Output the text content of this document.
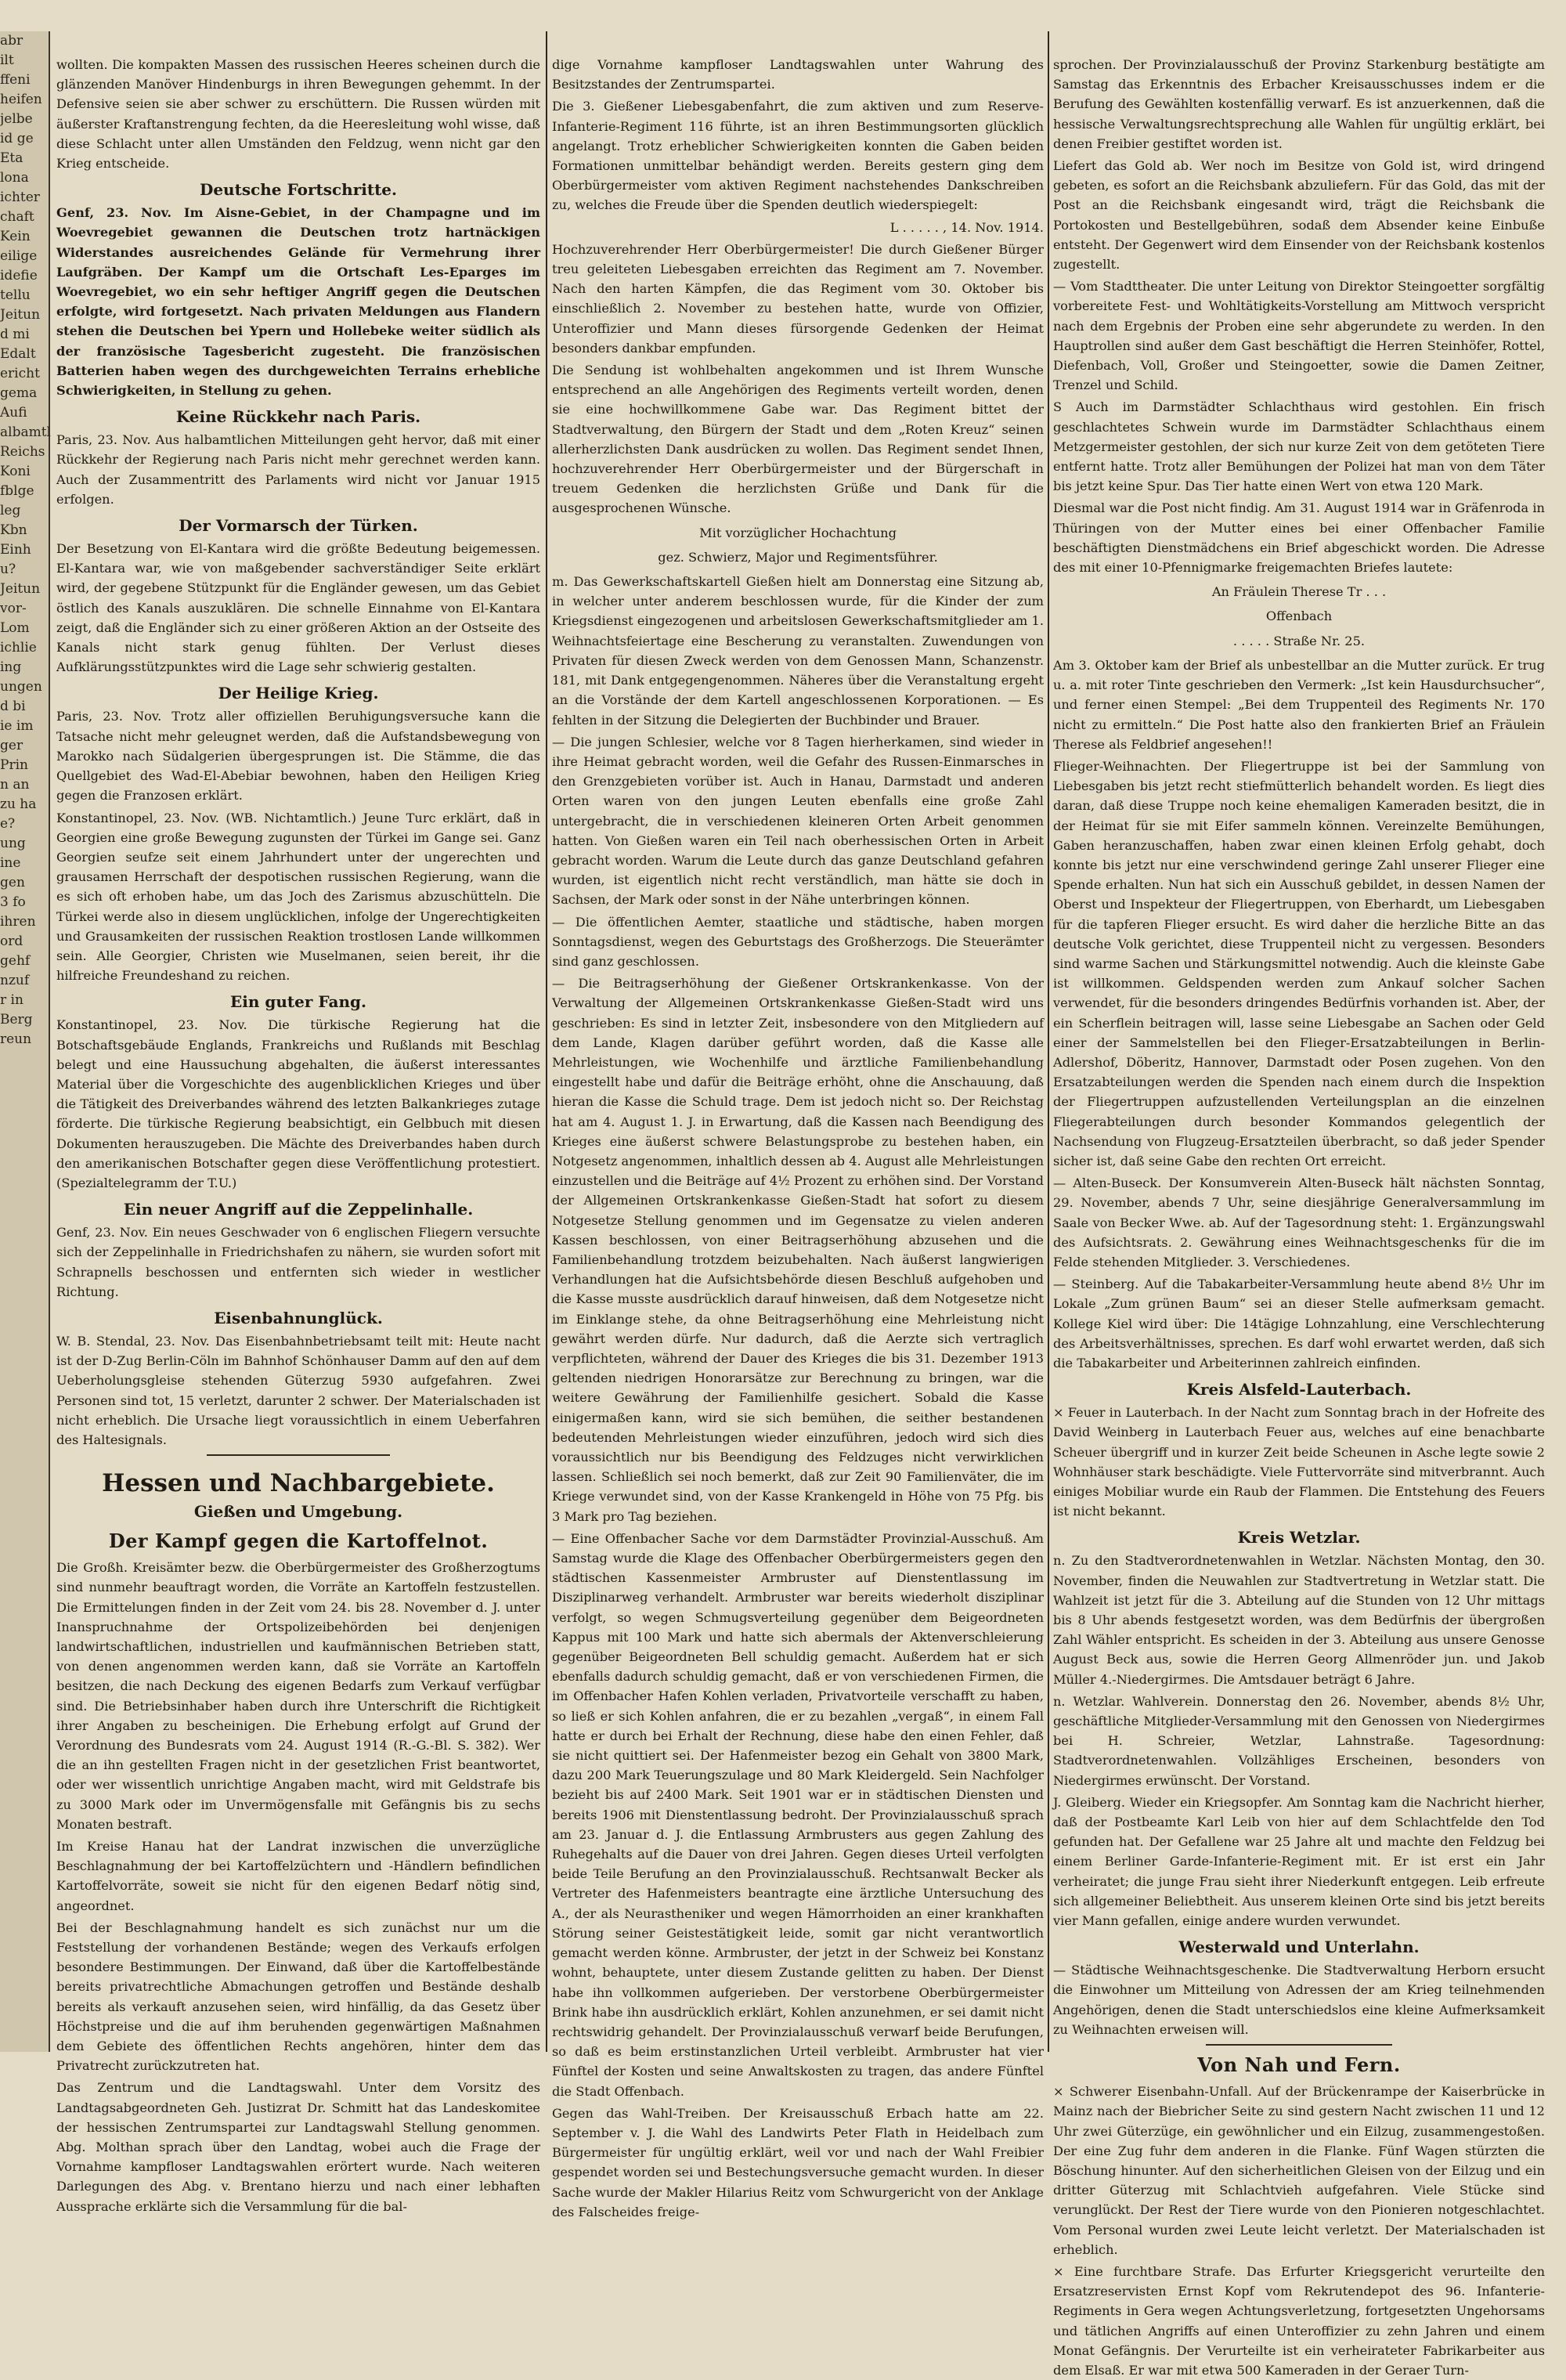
abr
ilt
ffeni
heifen
jelbe
id ge
Eta
lona
ichter
chaft
Kein
eilige
idefie
tellu
Jeitun
d mi
Edalt
ericht
gema
Aufi
albamtl
Reichs
Koni
fblge
leg
Kbn
Einh
u?
Jeitun
vor-
Lom
ichlie
ing
ungen
d bi
ie im
ger
Prin
n an
zu ha
e?
ung
ine
gen
3 fo
ihren
ord
gehf
nzuf
r in
Berg
reun

wollten. Die kompakten Massen des russischen Heeres scheinen durch die glänzenden Manöver Hindenburgs in ihren Bewegungen gehemmt. In der Defensive seien sie aber schwer zu erschüttern. Die Russen würden mit äußerster Kraftanstrengung fechten, da die Heeresleitung wohl wisse, daß diese Schlacht unter allen Umständen den Feldzug, wenn nicht gar den Krieg entscheide.

Deutsche Fortschritte.

Genf, 23. Nov. Im Aisne-Gebiet, in der Champagne und im Woevregebiet gewannen die Deutschen trotz hartnäckigen Widerstandes ausreichendes Gelände für Vermehrung ihrer Laufgräben. Der Kampf um die Ortschaft Les-Eparges im Woevregebiet, wo ein sehr heftiger Angriff gegen die Deutschen erfolgte, wird fortgesetzt. Nach privaten Meldungen aus Flandern stehen die Deutschen bei Ypern und Hollebeke weiter südlich als der französische Tagesbericht zugesteht. Die französischen Batterien haben wegen des durchgeweichten Terrains erhebliche Schwierigkeiten, in Stellung zu gehen.

Keine Rückkehr nach Paris.

Paris, 23. Nov. Aus halbamtlichen Mitteilungen geht hervor, daß mit einer Rückkehr der Regierung nach Paris nicht mehr gerechnet werden kann. Auch der Zusammentritt des Parlaments wird nicht vor Januar 1915 erfolgen.

Der Vormarsch der Türken.

Der Besetzung von El-Kantara wird die größte Bedeutung beigemessen. El-Kantara war, wie von maßgebender sachverständiger Seite erklärt wird, der gegebene Stützpunkt für die Engländer gewesen, um das Gebiet östlich des Kanals auszuklären. Die schnelle Einnahme von El-Kantara zeigt, daß die Engländer sich zu einer größeren Aktion an der Ostseite des Kanals nicht stark genug fühlten. Der Verlust dieses Aufklärungsstützpunktes wird die Lage sehr schwierig gestalten.

Der Heilige Krieg.

Paris, 23. Nov. Trotz aller offiziellen Beruhigungsversuche kann die Tatsache nicht mehr geleugnet werden, daß die Aufstandsbewegung von Marokko nach Südalgerien übergesprungen ist. Die Stämme, die das Quellgebiet des Wad-El-Abebiar bewohnen, haben den Heiligen Krieg gegen die Franzosen erklärt.

Konstantinopel, 23. Nov. (WB. Nichtamtlich.) Jeune Turc erklärt, daß in Georgien eine große Bewegung zugunsten der Türkei im Gange sei. Ganz Georgien seufze seit einem Jahrhundert unter der ungerechten und grausamen Herrschaft der despotischen russischen Regierung, wann die es sich oft erhoben habe, um das Joch des Zarismus abzuschütteln. Die Türkei werde also in diesem unglücklichen, infolge der Ungerechtigkeiten und Grausamkeiten der russischen Reaktion trostlosen Lande willkommen sein. Alle Georgier, Christen wie Muselmanen, seien bereit, ihr die hilfreiche Freundeshand zu reichen.

Ein guter Fang.

Konstantinopel, 23. Nov. Die türkische Regierung hat die Botschaftsgebäude Englands, Frankreichs und Rußlands mit Beschlag belegt und eine Haussuchung abgehalten, die äußerst interessantes Material über die Vorgeschichte des augenblicklichen Krieges und über die Tätigkeit des Dreiverbandes während des letzten Balkankrieges zutage förderte. Die türkische Regierung beabsichtigt, ein Gelbbuch mit diesen Dokumenten herauszugeben. Die Mächte des Dreiverbandes haben durch den amerikanischen Botschafter gegen diese Veröffentlichung protestiert. (Spezialtelegramm der T.U.)

Ein neuer Angriff auf die Zeppelinhalle.

Genf, 23. Nov. Ein neues Geschwader von 6 englischen Fliegern versuchte sich der Zeppelinhalle in Friedrichshafen zu nähern, sie wurden sofort mit Schrapnells beschossen und entfernten sich wieder in westlicher Richtung.

Eisenbahnunglück.

W. B. Stendal, 23. Nov. Das Eisenbahnbetriebsamt teilt mit: Heute nacht ist der D-Zug Berlin-Cöln im Bahnhof Schönhauser Damm auf den auf dem Ueberholungsgleise stehenden Güterzug 5930 aufgefahren. Zwei Personen sind tot, 15 verletzt, darunter 2 schwer. Der Materialschaden ist nicht erheblich. Die Ursache liegt voraussichtlich in einem Ueberfahren des Haltesignals.

Hessen und Nachbargebiete.
Gießen und Umgebung.
Der Kampf gegen die Kartoffelnot.

Die Großh. Kreisämter bezw. die Oberbürgermeister des Großherzogtums sind nunmehr beauftragt worden, die Vorräte an Kartoffeln festzustellen. Die Ermittelungen finden in der Zeit vom 24. bis 28. November d. J. unter Inanspruchnahme der Ortspolizeibehörden bei denjenigen landwirtschaftlichen, industriellen und kaufmännischen Betrieben statt, von denen angenommen werden kann, daß sie Vorräte an Kartoffeln besitzen, die nach Deckung des eigenen Bedarfs zum Verkauf verfügbar sind. Die Betriebsinhaber haben durch ihre Unterschrift die Richtigkeit ihrer Angaben zu bescheinigen. Die Erhebung erfolgt auf Grund der Verordnung des Bundesrats vom 24. August 1914 (R.-G.-Bl. S. 382). Wer die an ihn gestellten Fragen nicht in der gesetzlichen Frist beantwortet, oder wer wissentlich unrichtige Angaben macht, wird mit Geldstrafe bis zu 3000 Mark oder im Unvermögensfalle mit Gefängnis bis zu sechs Monaten bestraft.

Im Kreise Hanau hat der Landrat inzwischen die unverzügliche Beschlagnahmung der bei Kartoffelzüchtern und -Händlern befindlichen Kartoffelvorräte, soweit sie nicht für den eigenen Bedarf nötig sind, angeordnet.

Bei der Beschlagnahmung handelt es sich zunächst nur um die Feststellung der vorhandenen Bestände; wegen des Verkaufs erfolgen besondere Bestimmungen. Der Einwand, daß über die Kartoffelbestände bereits privatrechtliche Abmachungen getroffen und Bestände deshalb bereits als verkauft anzusehen seien, wird hinfällig, da das Gesetz über Höchstpreise und die auf ihm beruhenden gegenwärtigen Maßnahmen dem Gebiete des öffentlichen Rechts angehören, hinter dem das Privatrecht zurückzutreten hat.

Das Zentrum und die Landtagswahl. Unter dem Vorsitz des Landtagsabgeordneten Geh. Justizrat Dr. Schmitt hat das Landeskomitee der hessischen Zentrumspartei zur Landtagswahl Stellung genommen. Abg. Molthan sprach über den Landtag, wobei auch die Frage der Vornahme kampfloser Landtagswahlen erörtert wurde. Nach weiteren Darlegungen des Abg. v. Brentano hierzu und nach einer lebhaften Aussprache erklärte sich die Versammlung für die bal-

dige Vornahme kampfloser Landtagswahlen unter Wahrung des Besitzstandes der Zentrumspartei.

Die 3. Gießener Liebesgabenfahrt, die zum aktiven und zum Reserve-Infanterie-Regiment 116 führte, ist an ihren Bestimmungsorten glücklich angelangt. Trotz erheblicher Schwierigkeiten konnten die Gaben beiden Formationen unmittelbar behändigt werden. Bereits gestern ging dem Oberbürgermeister vom aktiven Regiment nachstehendes Dankschreiben zu, welches die Freude über die Spenden deutlich wiederspiegelt:

L . . . . . , 14. Nov. 1914.

Hochzuverehrender Herr Oberbürgermeister! Die durch Gießener Bürger treu geleiteten Liebesgaben erreichten das Regiment am 7. November. Nach den harten Kämpfen, die das Regiment vom 30. Oktober bis einschließlich 2. November zu bestehen hatte, wurde von Offizier, Unteroffizier und Mann dieses fürsorgende Gedenken der Heimat besonders dankbar empfunden.

Die Sendung ist wohlbehalten angekommen und ist Ihrem Wunsche entsprechend an alle Angehörigen des Regiments verteilt worden, denen sie eine hochwillkommene Gabe war. Das Regiment bittet der Stadtverwaltung, den Bürgern der Stadt und dem „Roten Kreuz“ seinen allerherzlichsten Dank ausdrücken zu wollen. Das Regiment sendet Ihnen, hochzuverehrender Herr Oberbürgermeister und der Bürgerschaft in treuem Gedenken die herzlichsten Grüße und Dank für die ausgesprochenen Wünsche.

Mit vorzüglicher Hochachtung

gez. Schwierz, Major und Regimentsführer.

m. Das Gewerkschaftskartell Gießen hielt am Donnerstag eine Sitzung ab, in welcher unter anderem beschlossen wurde, für die Kinder der zum Kriegsdienst eingezogenen und arbeitslosen Gewerkschaftsmitglieder am 1. Weihnachtsfeiertage eine Bescherung zu veranstalten. Zuwendungen von Privaten für diesen Zweck werden von dem Genossen Mann, Schanzenstr. 181, mit Dank entgegengenommen. Näheres über die Veranstaltung ergeht an die Vorstände der dem Kartell angeschlossenen Korporationen. — Es fehlten in der Sitzung die Delegierten der Buchbinder und Brauer.

— Die jungen Schlesier, welche vor 8 Tagen hierherkamen, sind wieder in ihre Heimat gebracht worden, weil die Gefahr des Russen-Einmarsches in den Grenzgebieten vorüber ist. Auch in Hanau, Darmstadt und anderen Orten waren von den jungen Leuten ebenfalls eine große Zahl untergebracht, die in verschiedenen kleineren Orten Arbeit genommen hatten. Von Gießen waren ein Teil nach oberhessischen Orten in Arbeit gebracht worden. Warum die Leute durch das ganze Deutschland gefahren wurden, ist eigentlich nicht recht verständlich, man hätte sie doch in Sachsen, der Mark oder sonst in der Nähe unterbringen können.

— Die öffentlichen Aemter, staatliche und städtische, haben morgen Sonntagsdienst, wegen des Geburtstags des Großherzogs. Die Steuerämter sind ganz geschlossen.

— Die Beitragserhöhung der Gießener Ortskrankenkasse. Von der Verwaltung der Allgemeinen Ortskrankenkasse Gießen-Stadt wird uns geschrieben: Es sind in letzter Zeit, insbesondere von den Mitgliedern auf dem Lande, Klagen darüber geführt worden, daß die Kasse alle Mehrleistungen, wie Wochenhilfe und ärztliche Familienbehandlung eingestellt habe und dafür die Beiträge erhöht, ohne die Anschauung, daß hieran die Kasse die Schuld trage. Dem ist jedoch nicht so. Der Reichstag hat am 4. August 1. J. in Erwartung, daß die Kassen nach Beendigung des Krieges eine äußerst schwere Belastungsprobe zu bestehen haben, ein Notgesetz angenommen, inhaltlich dessen ab 4. August alle Mehrleistungen einzustellen und die Beiträge auf 4½ Prozent zu erhöhen sind. Der Vorstand der Allgemeinen Ortskrankenkasse Gießen-Stadt hat sofort zu diesem Notgesetze Stellung genommen und im Gegensatze zu vielen anderen Kassen beschlossen, von einer Beitragserhöhung abzusehen und die Familienbehandlung trotzdem beizubehalten. Nach äußerst langwierigen Verhandlungen hat die Aufsichtsbehörde diesen Beschluß aufgehoben und die Kasse musste ausdrücklich darauf hinweisen, daß dem Notgesetze nicht im Einklange stehe, da ohne Beitragserhöhung eine Mehrleistung nicht gewährt werden dürfe. Nur dadurch, daß die Aerzte sich vertraglich verpflichteten, während der Dauer des Krieges die bis 31. Dezember 1913 geltenden niedrigen Honorarsätze zur Berechnung zu bringen, war die weitere Gewährung der Familienhilfe gesichert. Sobald die Kasse einigermaßen kann, wird sie sich bemühen, die seither bestandenen bedeutenden Mehrleistungen wieder einzuführen, jedoch wird sich dies voraussichtlich nur bis Beendigung des Feldzuges nicht verwirklichen lassen. Schließlich sei noch bemerkt, daß zur Zeit 90 Familienväter, die im Kriege verwundet sind, von der Kasse Krankengeld in Höhe von 75 Pfg. bis 3 Mark pro Tag beziehen.

— Eine Offenbacher Sache vor dem Darmstädter Provinzial-Ausschuß. Am Samstag wurde die Klage des Offenbacher Oberbürgermeisters gegen den städtischen Kassenmeister Armbruster auf Dienstentlassung im Disziplinarweg verhandelt. Armbruster war bereits wiederholt disziplinar verfolgt, so wegen Schmugsverteilung gegenüber dem Beigeordneten Kappus mit 100 Mark und hatte sich abermals der Aktenverschleierung gegenüber Beigeordneten Bell schuldig gemacht. Außerdem hat er sich ebenfalls dadurch schuldig gemacht, daß er von verschiedenen Firmen, die im Offenbacher Hafen Kohlen verladen, Privatvorteile verschafft zu haben, so ließ er sich Kohlen anfahren, die er zu bezahlen „vergaß“, in einem Fall hatte er durch bei Erhalt der Rechnung, diese habe den einen Fehler, daß sie nicht quittiert sei. Der Hafenmeister bezog ein Gehalt von 3800 Mark, dazu 200 Mark Teuerungszulage und 80 Mark Kleidergeld. Sein Nachfolger bezieht bis auf 2400 Mark. Seit 1901 war er in städtischen Diensten und bereits 1906 mit Dienstentlassung bedroht. Der Provinzialausschuß sprach am 23. Januar d. J. die Entlassung Armbrusters aus gegen Zahlung des Ruhegehalts auf die Dauer von drei Jahren. Gegen dieses Urteil verfolgten beide Teile Berufung an den Provinzialausschuß. Rechtsanwalt Becker als Vertreter des Hafenmeisters beantragte eine ärztliche Untersuchung des A., der als Neurastheniker und wegen Hämorrhoiden an einer krankhaften Störung seiner Geistestätigkeit leide, somit gar nicht verantwortlich gemacht werden könne. Armbruster, der jetzt in der Schweiz bei Konstanz wohnt, behauptete, unter diesem Zustande gelitten zu haben. Der Dienst habe ihn vollkommen aufgerieben. Der verstorbene Oberbürgermeister Brink habe ihn ausdrücklich erklärt, Kohlen anzunehmen, er sei damit nicht rechtswidrig gehandelt. Der Provinzialausschuß verwarf beide Berufungen, so daß es beim erstinstanzlichen Urteil verbleibt. Armbruster hat vier Fünftel der Kosten und seine Anwaltskosten zu tragen, das andere Fünftel die Stadt Offenbach.

Gegen das Wahl-Treiben. Der Kreisausschuß Erbach hatte am 22. September v. J. die Wahl des Landwirts Peter Flath in Heidelbach zum Bürgermeister für ungültig erklärt, weil vor und nach der Wahl Freibier gespendet worden sei und Bestechungsversuche gemacht wurden. In dieser Sache wurde der Makler Hilarius Reitz vom Schwurgericht von der Anklage des Falscheides freige-

sprochen. Der Provinzialausschuß der Provinz Starkenburg bestätigte am Samstag das Erkenntnis des Erbacher Kreisausschusses indem er die Berufung des Gewählten kostenfällig verwarf. Es ist anzuerkennen, daß die hessische Verwaltungsrechtsprechung alle Wahlen für ungültig erklärt, bei denen Freibier gestiftet worden ist.

Liefert das Gold ab. Wer noch im Besitze von Gold ist, wird dringend gebeten, es sofort an die Reichsbank abzuliefern. Für das Gold, das mit der Post an die Reichsbank eingesandt wird, trägt die Reichsbank die Portokosten und Bestellgebühren, sodaß dem Absender keine Einbuße entsteht. Der Gegenwert wird dem Einsender von der Reichsbank kostenlos zugestellt.

— Vom Stadttheater. Die unter Leitung von Direktor Steingoetter sorgfältig vorbereitete Fest- und Wohltätigkeits-Vorstellung am Mittwoch verspricht nach dem Ergebnis der Proben eine sehr abgerundete zu werden. In den Hauptrollen sind außer dem Gast beschäftigt die Herren Steinhöfer, Rottel, Diefenbach, Voll, Großer und Steingoetter, sowie die Damen Zeitner, Trenzel und Schild.

S Auch im Darmstädter Schlachthaus wird gestohlen. Ein frisch geschlachtetes Schwein wurde im Darmstädter Schlachthaus einem Metzgermeister gestohlen, der sich nur kurze Zeit von dem getöteten Tiere entfernt hatte. Trotz aller Bemühungen der Polizei hat man von dem Täter bis jetzt keine Spur. Das Tier hatte einen Wert von etwa 120 Mark.

Diesmal war die Post nicht findig. Am 31. August 1914 war in Gräfenroda in Thüringen von der Mutter eines bei einer Offenbacher Familie beschäftigten Dienstmädchens ein Brief abgeschickt worden. Die Adresse des mit einer 10-Pfennigmarke freigemachten Briefes lautete:

An Fräulein Therese Tr . . .

Offenbach

. . . . . Straße Nr. 25.

Am 3. Oktober kam der Brief als unbestellbar an die Mutter zurück. Er trug u. a. mit roter Tinte geschrieben den Vermerk: „Ist kein Hausdurchsucher“, und ferner einen Stempel: „Bei dem Truppenteil des Regiments Nr. 170 nicht zu ermitteln.“ Die Post hatte also den frankierten Brief an Fräulein Therese als Feldbrief angesehen!!

Flieger-Weihnachten. Der Fliegertruppe ist bei der Sammlung von Liebesgaben bis jetzt recht stiefmütterlich behandelt worden. Es liegt dies daran, daß diese Truppe noch keine ehemaligen Kameraden besitzt, die in der Heimat für sie mit Eifer sammeln können. Vereinzelte Bemühungen, Gaben heranzuschaffen, haben zwar einen kleinen Erfolg gehabt, doch konnte bis jetzt nur eine verschwindend geringe Zahl unserer Flieger eine Spende erhalten. Nun hat sich ein Ausschuß gebildet, in dessen Namen der Oberst und Inspekteur der Fliegertruppen, von Eberhardt, um Liebesgaben für die tapferen Flieger ersucht. Es wird daher die herzliche Bitte an das deutsche Volk gerichtet, diese Truppenteil nicht zu vergessen. Besonders sind warme Sachen und Stärkungsmittel notwendig. Auch die kleinste Gabe ist willkommen. Geldspenden werden zum Ankauf solcher Sachen verwendet, für die besonders dringendes Bedürfnis vorhanden ist. Aber, der ein Scherflein beitragen will, lasse seine Liebesgabe an Sachen oder Geld einer der Sammelstellen bei den Flieger-Ersatzabteilungen in Berlin-Adlershof, Döberitz, Hannover, Darmstadt oder Posen zugehen. Von den Ersatzabteilungen werden die Spenden nach einem durch die Inspektion der Fliegertruppen aufzustellenden Verteilungsplan an die einzelnen Fliegerabteilungen durch besonder Kommandos gelegentlich der Nachsendung von Flugzeug-Ersatzteilen überbracht, so daß jeder Spender sicher ist, daß seine Gabe den rechten Ort erreicht.

— Alten-Buseck. Der Konsumverein Alten-Buseck hält nächsten Sonntag, 29. November, abends 7 Uhr, seine diesjährige Generalversammlung im Saale von Becker Wwe. ab. Auf der Tagesordnung steht: 1. Ergänzungswahl des Aufsichtsrats. 2. Gewährung eines Weihnachtsgeschenks für die im Felde stehenden Mitglieder. 3. Verschiedenes.

— Steinberg. Auf die Tabakarbeiter-Versammlung heute abend 8½ Uhr im Lokale „Zum grünen Baum“ sei an dieser Stelle aufmerksam gemacht. Kollege Kiel wird über: Die 14tägige Lohnzahlung, eine Verschlechterung des Arbeitsverhältnisses, sprechen. Es darf wohl erwartet werden, daß sich die Tabakarbeiter und Arbeiterinnen zahlreich einfinden.

Kreis Alsfeld-Lauterbach.

× Feuer in Lauterbach. In der Nacht zum Sonntag brach in der Hofreite des David Weinberg in Lauterbach Feuer aus, welches auf eine benachbarte Scheuer übergriff und in kurzer Zeit beide Scheunen in Asche legte sowie 2 Wohnhäuser stark beschädigte. Viele Futtervorräte sind mitverbrannt. Auch einiges Mobiliar wurde ein Raub der Flammen. Die Entstehung des Feuers ist nicht bekannt.

Kreis Wetzlar.

n. Zu den Stadtverordnetenwahlen in Wetzlar. Nächsten Montag, den 30. November, finden die Neuwahlen zur Stadtvertretung in Wetzlar statt. Die Wahlzeit ist jetzt für die 3. Abteilung auf die Stunden von 12 Uhr mittags bis 8 Uhr abends festgesetzt worden, was dem Bedürfnis der übergroßen Zahl Wähler entspricht. Es scheiden in der 3. Abteilung aus unsere Genosse August Beck aus, sowie die Herren Georg Allmenröder jun. und Jakob Müller 4.-Niedergirmes. Die Amtsdauer beträgt 6 Jahre.

n. Wetzlar. Wahlverein. Donnerstag den 26. November, abends 8½ Uhr, geschäftliche Mitglieder-Versammlung mit den Genossen von Niedergirmes bei H. Schreier, Wetzlar, Lahnstraße. Tagesordnung: Stadtverordnetenwahlen. Vollzähliges Erscheinen, besonders von Niedergirmes erwünscht. Der Vorstand.

J. Gleiberg. Wieder ein Kriegsopfer. Am Sonntag kam die Nachricht hierher, daß der Postbeamte Karl Leib von hier auf dem Schlachtfelde den Tod gefunden hat. Der Gefallene war 25 Jahre alt und machte den Feldzug bei einem Berliner Garde-Infanterie-Regiment mit. Er ist erst ein Jahr verheiratet; die junge Frau sieht ihrer Niederkunft entgegen. Leib erfreute sich allgemeiner Beliebtheit. Aus unserem kleinen Orte sind bis jetzt bereits vier Mann gefallen, einige andere wurden verwundet.

Westerwald und Unterlahn.

— Städtische Weihnachtsgeschenke. Die Stadtverwaltung Herborn ersucht die Einwohner um Mitteilung von Adressen der am Krieg teilnehmenden Angehörigen, denen die Stadt unterschiedslos eine kleine Aufmerksamkeit zu Weihnachten erweisen will.

Von Nah und Fern.

× Schwerer Eisenbahn-Unfall. Auf der Brückenrampe der Kaiserbrücke in Mainz nach der Biebricher Seite zu sind gestern Nacht zwischen 11 und 12 Uhr zwei Güterzüge, ein gewöhnlicher und ein Eilzug, zusammengestoßen. Der eine Zug fuhr dem anderen in die Flanke. Fünf Wagen stürzten die Böschung hinunter. Auf den sicherheitlichen Gleisen von der Eilzug und ein dritter Güterzug mit Schlachtvieh aufgefahren. Viele Stücke sind verunglückt. Der Rest der Tiere wurde von den Pionieren notgeschlachtet. Vom Personal wurden zwei Leute leicht verletzt. Der Materialschaden ist erheblich.

× Eine furchtbare Strafe. Das Erfurter Kriegsgericht verurteilte den Ersatzreservisten Ernst Kopf vom Rekrutendepot des 96. Infanterie-Regiments in Gera wegen Achtungsverletzung, fortgesetzten Ungehorsams und tätlichen Angriffs auf einen Unteroffizier zu zehn Jahren und einem Monat Gefängnis. Der Verurteilte ist ein verheirateter Fabrikarbeiter aus dem Elsaß. Er war mit etwa 500 Kameraden in der Geraer Turn-
